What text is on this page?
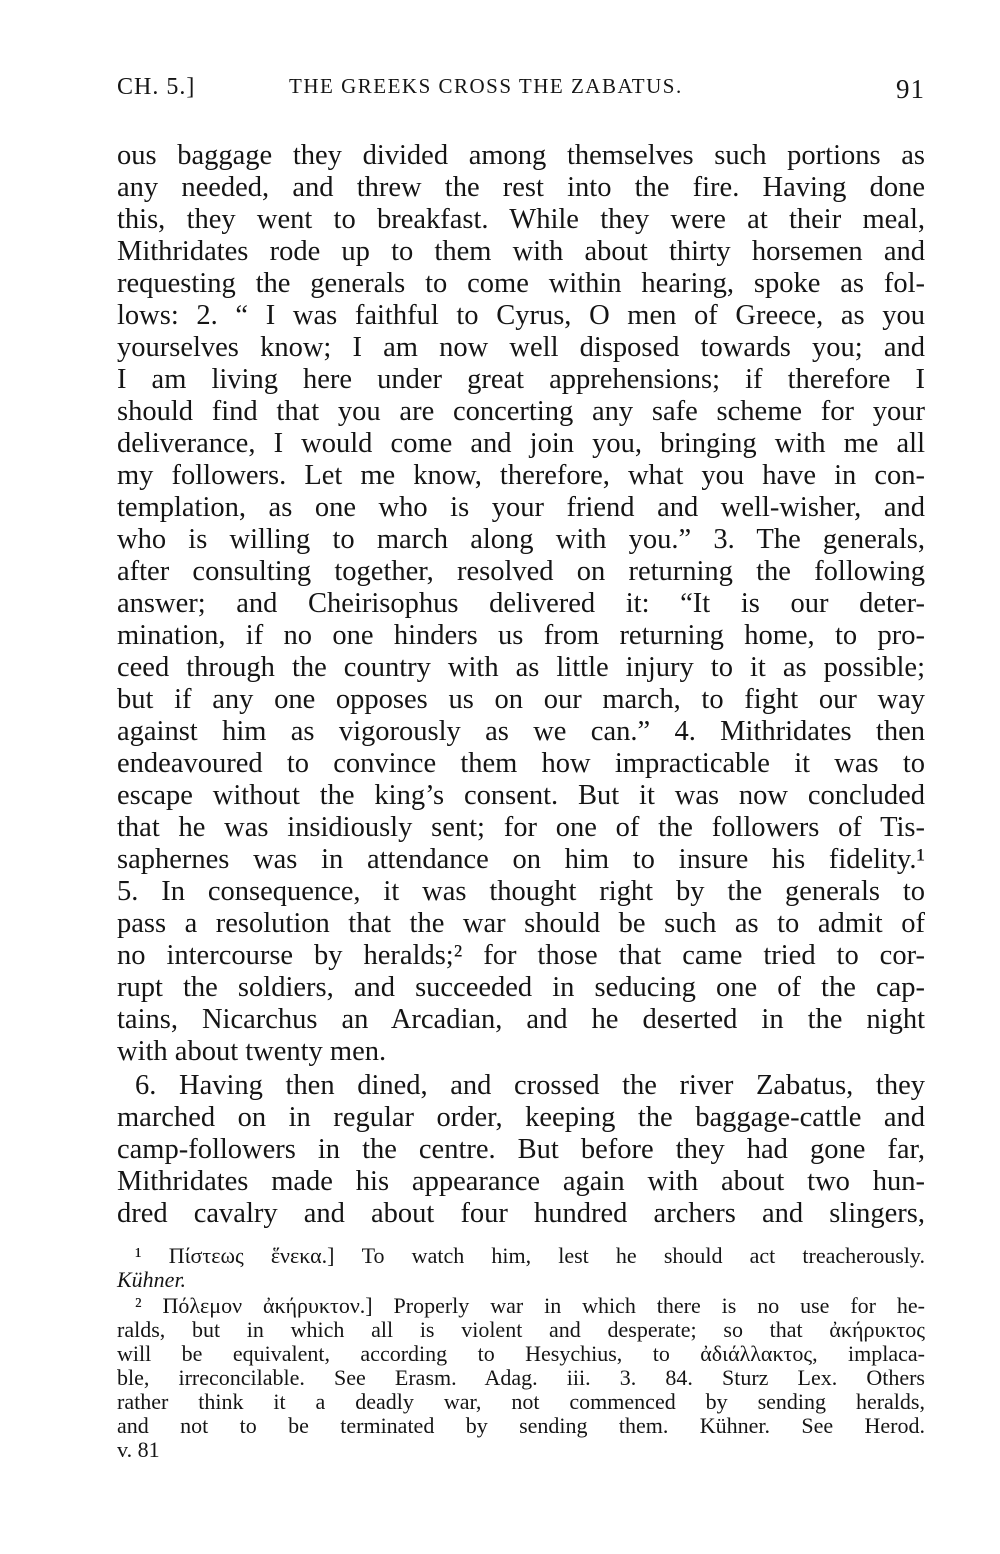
CH. 5.]	THE GREEKS CROSS THE ZABATUS.	91
ous baggage they divided among themselves such portions as
any needed, and threw the rest into the fire. Having done
this, they went to breakfast. While they were at their meal,
Mithridates rode up to them with about thirty horsemen and
requesting the generals to come within hearing, spoke as fol-
lows: 2. “ I was faithful to Cyrus, O men of Greece, as you
yourselves know; I am now well disposed towards you; and
I am living here under great apprehensions; if therefore I
should find that you are concerting any safe scheme for your
deliverance, I would come and join you, bringing with me all
my followers. Let me know, therefore, what you have in con-
templation, as one who is your friend and well-wisher, and
who is willing to march along with you.” 3. The generals,
after consulting together, resolved on returning the following
answer; and Cheirisophus delivered it: “It is our deter-
mination, if no one hinders us from returning home, to pro-
ceed through the country with as little injury to it as possible;
but if any one opposes us on our march, to fight our way
against him as vigorously as we can.” 4. Mithridates then
endeavoured to convince them how impracticable it was to
escape without the king’s consent. But it was now concluded
that he was insidiously sent; for one of the followers of Tis-
saphernes was in attendance on him to insure his fidelity.¹
5. In consequence, it was thought right by the generals to
pass a resolution that the war should be such as to admit of
no intercourse by heralds;² for those that came tried to cor-
rupt the soldiers, and succeeded in seducing one of the cap-
tains, Nicarchus an Arcadian, and he deserted in the night
with about twenty men.
6. Having then dined, and crossed the river Zabatus, they
marched on in regular order, keeping the baggage-cattle and
camp-followers in the centre. But before they had gone far,
Mithridates made his appearance again with about two hun-
dred cavalry and about four hundred archers and slingers,
¹ Πίστεως ἕνεκα.] To watch him, lest he should act treacherously.
Kühner.
² Πόλεμον ἀκήρυκτον.] Properly war in which there is no use for he-
ralds, but in which all is violent and desperate; so that ἀκήρυκτος
will be equivalent, according to Hesychius, to ἀδιάλλακτος, implaca-
ble, irreconcilable. See Erasm. Adag. iii. 3. 84. Sturz Lex. Others
rather think it a deadly war, not commenced by sending heralds,
and not to be terminated by sending them. Kühner. See Herod.
v. 81
